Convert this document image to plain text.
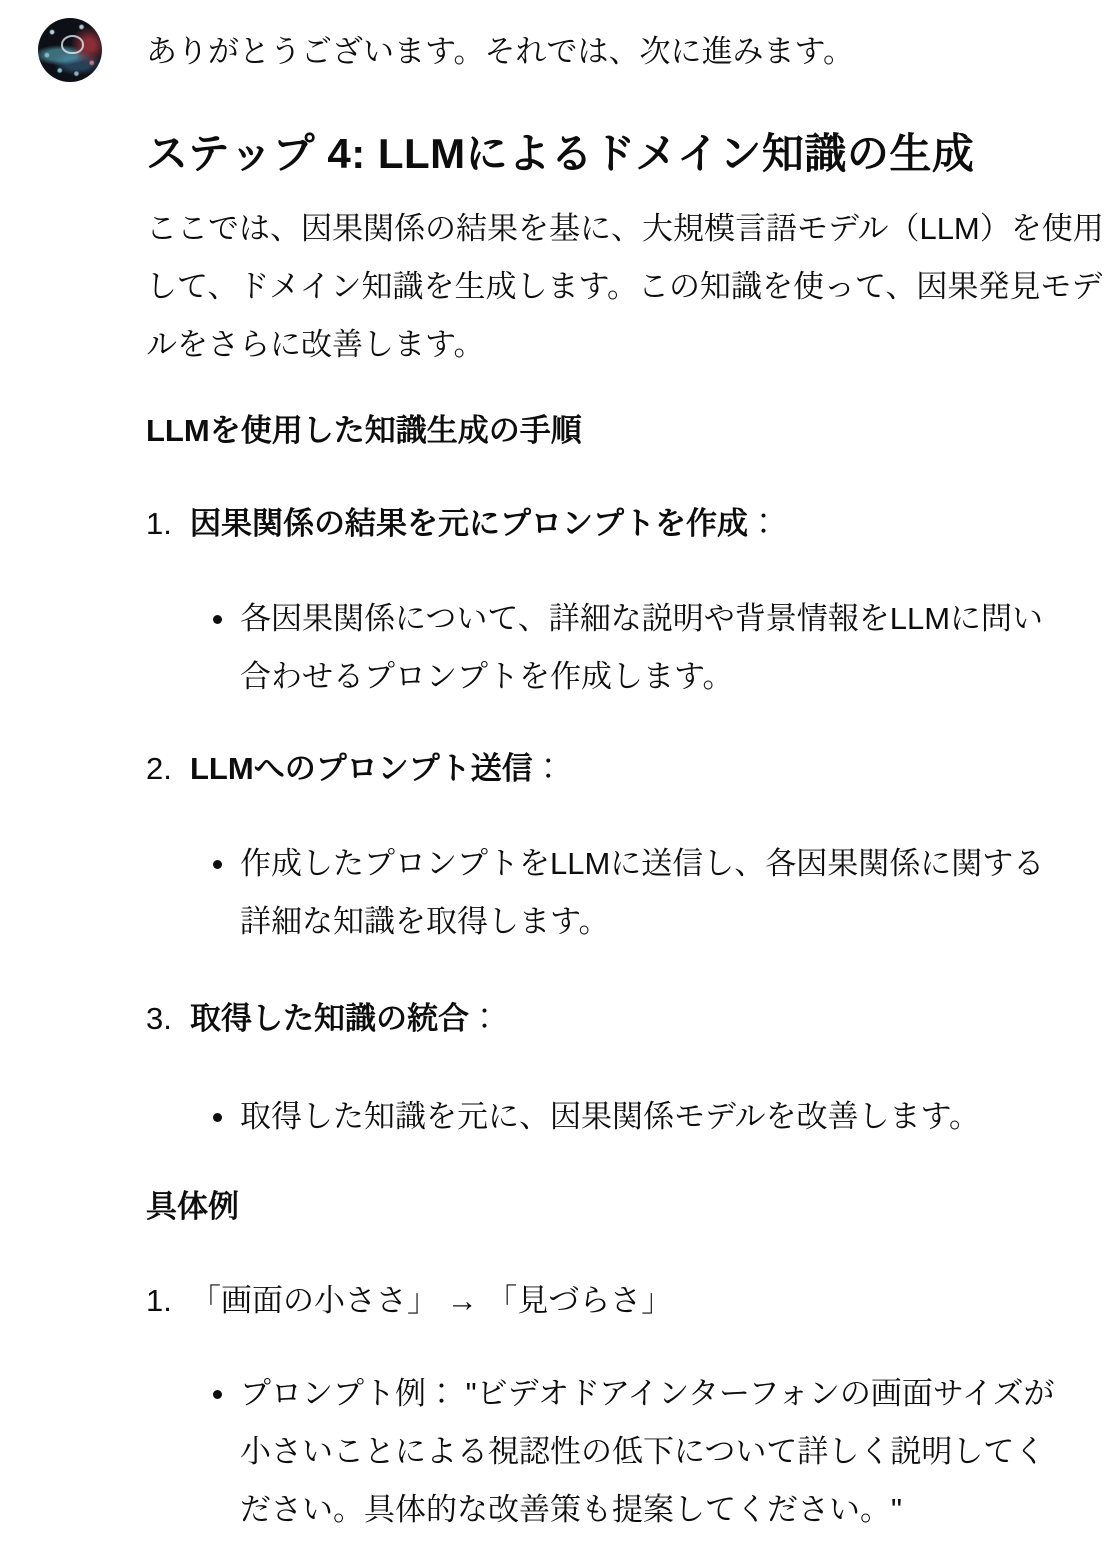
ありがとうございます。それでは、次に進みます。

ステップ 4: LLMによるドメイン知識の生成
ここでは、因果関係の結果を基に、大規模言語モデル（LLM）を使用
して、ドメイン知識を生成します。この知識を使って、因果発見モデ
ルをさらに改善します。

LLMを使用した知識生成の手順

1. 因果関係の結果を元にプロンプトを作成：
各因果関係について、詳細な説明や背景情報をLLMに問い
合わせるプロンプトを作成します。
2. LLMへのプロンプト送信：
作成したプロンプトをLLMに送信し、各因果関係に関する
詳細な知識を取得します。
3. 取得した知識の統合：
取得した知識を元に、因果関係モデルを改善します。

具体例

1. 「画面の小ささ」 → 「見づらさ」
プロンプト例： "ビデオドアインターフォンの画面サイズが
小さいことによる視認性の低下について詳しく説明してく
ださい。具体的な改善策も提案してください。"
